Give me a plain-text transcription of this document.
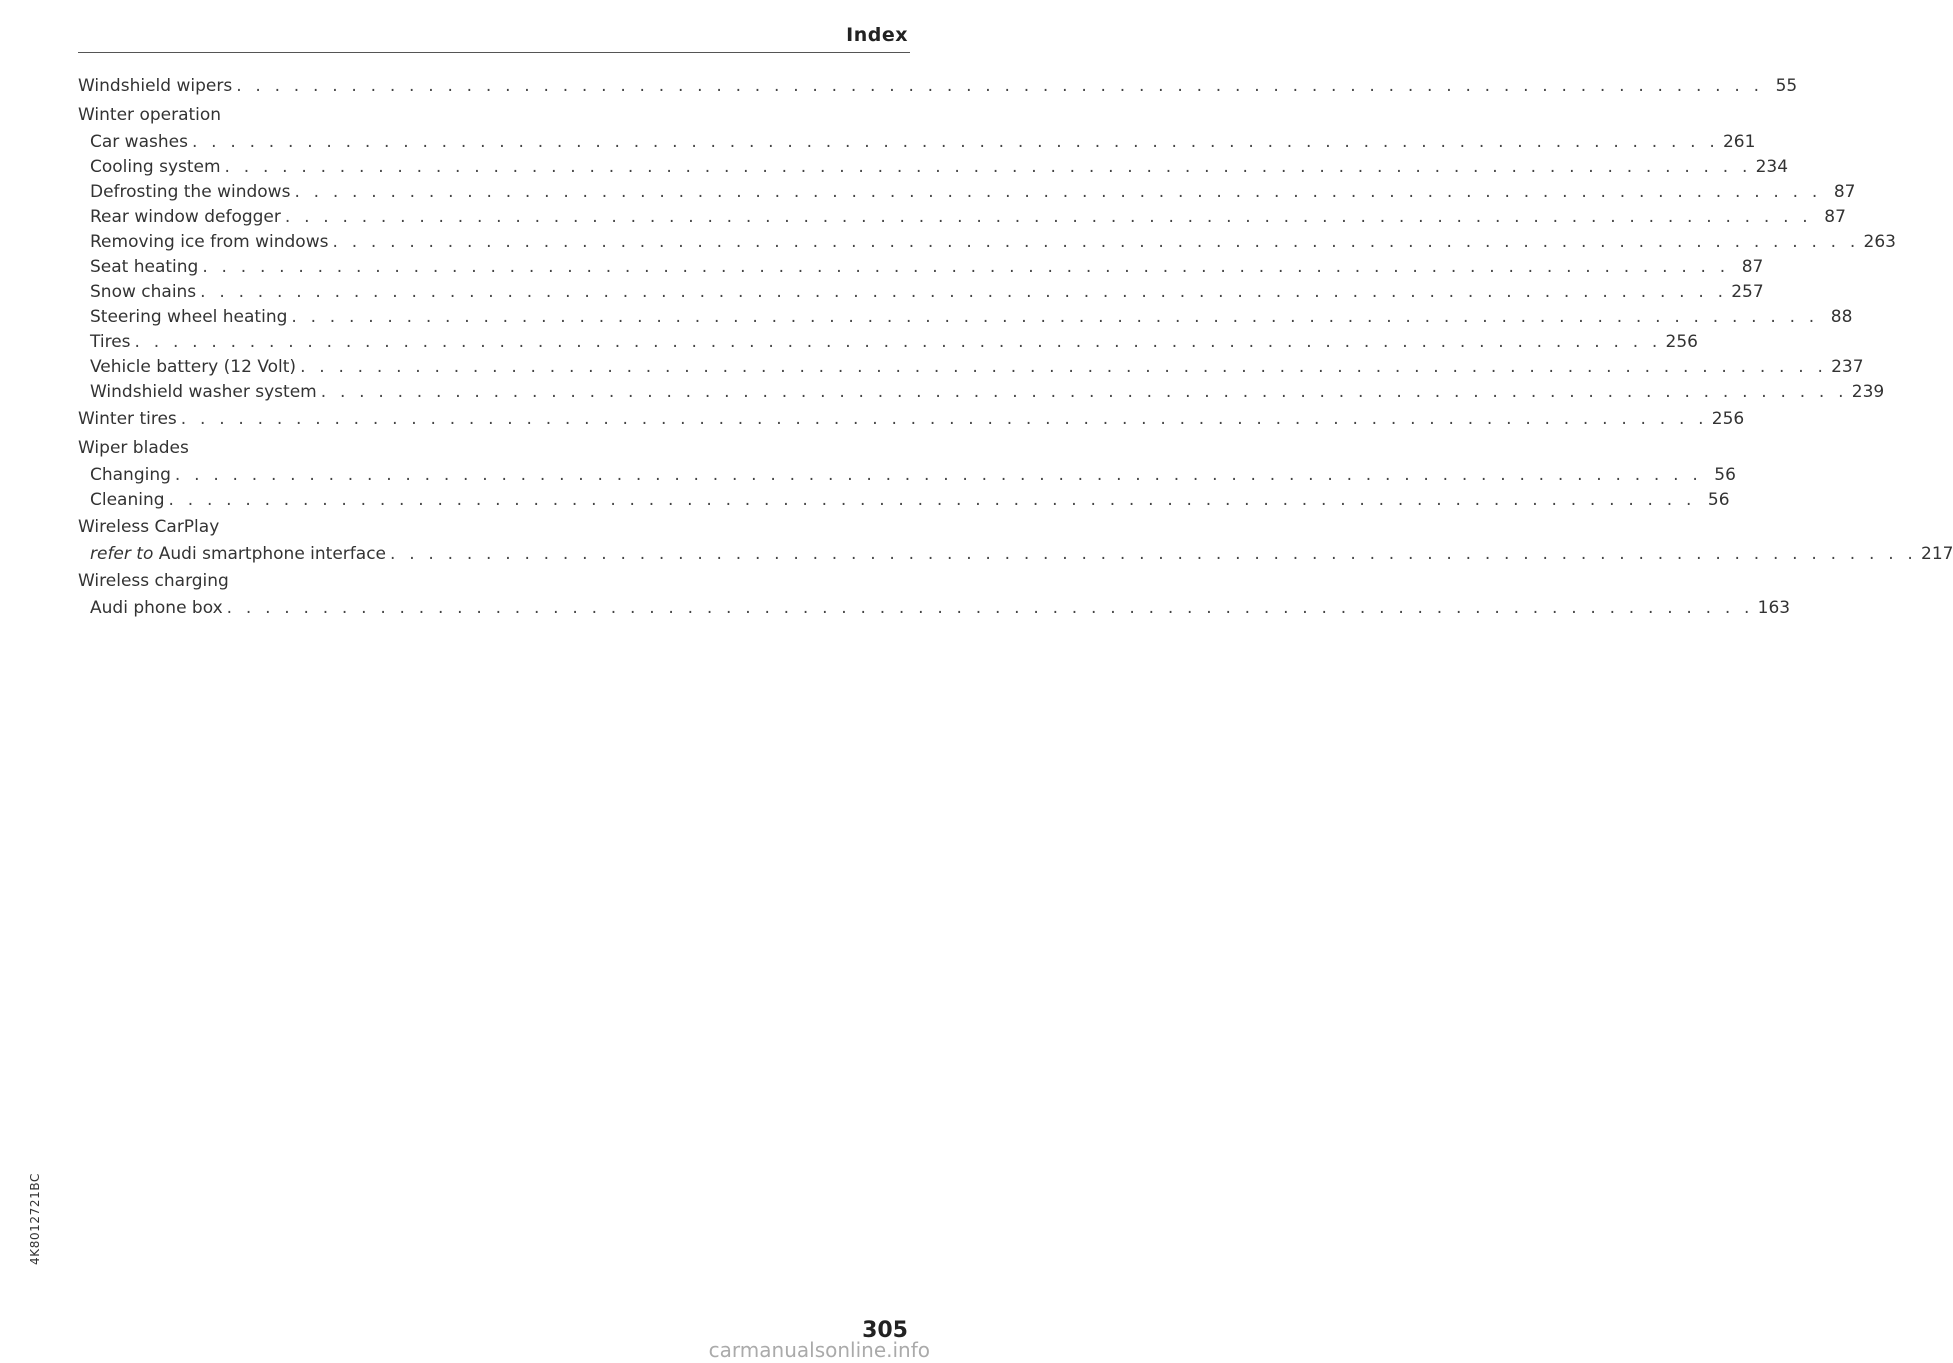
Index
Windshield wipers . . . . . . . . . . . . . . . . . . . . . . . . . . . . . . . . . . . . . . . . . . . . . . . . . . . . . . . . . . . . . . . . . . . . . . . . . . . . . . . . 55
Winter operation
Car washes . . . . . . . . . . . . . . . . . . . . . . . . . . . . . . . . . . . . . . . . . . . . . . . . . . . . . . . . . . . . . . . . . . . . . . . . . . . . . . . . 261
Cooling system . . . . . . . . . . . . . . . . . . . . . . . . . . . . . . . . . . . . . . . . . . . . . . . . . . . . . . . . . . . . . . . . . . . . . . . . . . . . . . . . 234
Defrosting the windows . . . . . . . . . . . . . . . . . . . . . . . . . . . . . . . . . . . . . . . . . . . . . . . . . . . . . . . . . . . . . . . . . . . . . . . . . . . . . . . . 87
Rear window defogger . . . . . . . . . . . . . . . . . . . . . . . . . . . . . . . . . . . . . . . . . . . . . . . . . . . . . . . . . . . . . . . . . . . . . . . . . . . . . . . . 87
Removing ice from windows . . . . . . . . . . . . . . . . . . . . . . . . . . . . . . . . . . . . . . . . . . . . . . . . . . . . . . . . . . . . . . . . . . . . . . . . . . . . . . . . 263
Seat heating . . . . . . . . . . . . . . . . . . . . . . . . . . . . . . . . . . . . . . . . . . . . . . . . . . . . . . . . . . . . . . . . . . . . . . . . . . . . . . . . 87
Snow chains . . . . . . . . . . . . . . . . . . . . . . . . . . . . . . . . . . . . . . . . . . . . . . . . . . . . . . . . . . . . . . . . . . . . . . . . . . . . . . . . 257
Steering wheel heating . . . . . . . . . . . . . . . . . . . . . . . . . . . . . . . . . . . . . . . . . . . . . . . . . . . . . . . . . . . . . . . . . . . . . . . . . . . . . . . . 88
Tires . . . . . . . . . . . . . . . . . . . . . . . . . . . . . . . . . . . . . . . . . . . . . . . . . . . . . . . . . . . . . . . . . . . . . . . . . . . . . . . . 256
Vehicle battery (12 Volt) . . . . . . . . . . . . . . . . . . . . . . . . . . . . . . . . . . . . . . . . . . . . . . . . . . . . . . . . . . . . . . . . . . . . . . . . . . . . . . . . 237
Windshield washer system . . . . . . . . . . . . . . . . . . . . . . . . . . . . . . . . . . . . . . . . . . . . . . . . . . . . . . . . . . . . . . . . . . . . . . . . . . . . . . . . 239
Winter tires . . . . . . . . . . . . . . . . . . . . . . . . . . . . . . . . . . . . . . . . . . . . . . . . . . . . . . . . . . . . . . . . . . . . . . . . . . . . . . . . 256
Wiper blades
Changing . . . . . . . . . . . . . . . . . . . . . . . . . . . . . . . . . . . . . . . . . . . . . . . . . . . . . . . . . . . . . . . . . . . . . . . . . . . . . . . . 56
Cleaning . . . . . . . . . . . . . . . . . . . . . . . . . . . . . . . . . . . . . . . . . . . . . . . . . . . . . . . . . . . . . . . . . . . . . . . . . . . . . . . . 56
Wireless CarPlay
refer to Audi smartphone interface . . . . . . . . . . . . . . . . . . . . . . . . . . . . . . . . . . . . . . . . . . . . . . . . . . . . . . . . . . . . . . . . . . . . . . . . . . . . . . . . 217
Wireless charging
Audi phone box . . . . . . . . . . . . . . . . . . . . . . . . . . . . . . . . . . . . . . . . . . . . . . . . . . . . . . . . . . . . . . . . . . . . . . . . . . . . . . . . 163
4K8012721BC
305
carmanualsonline.info
